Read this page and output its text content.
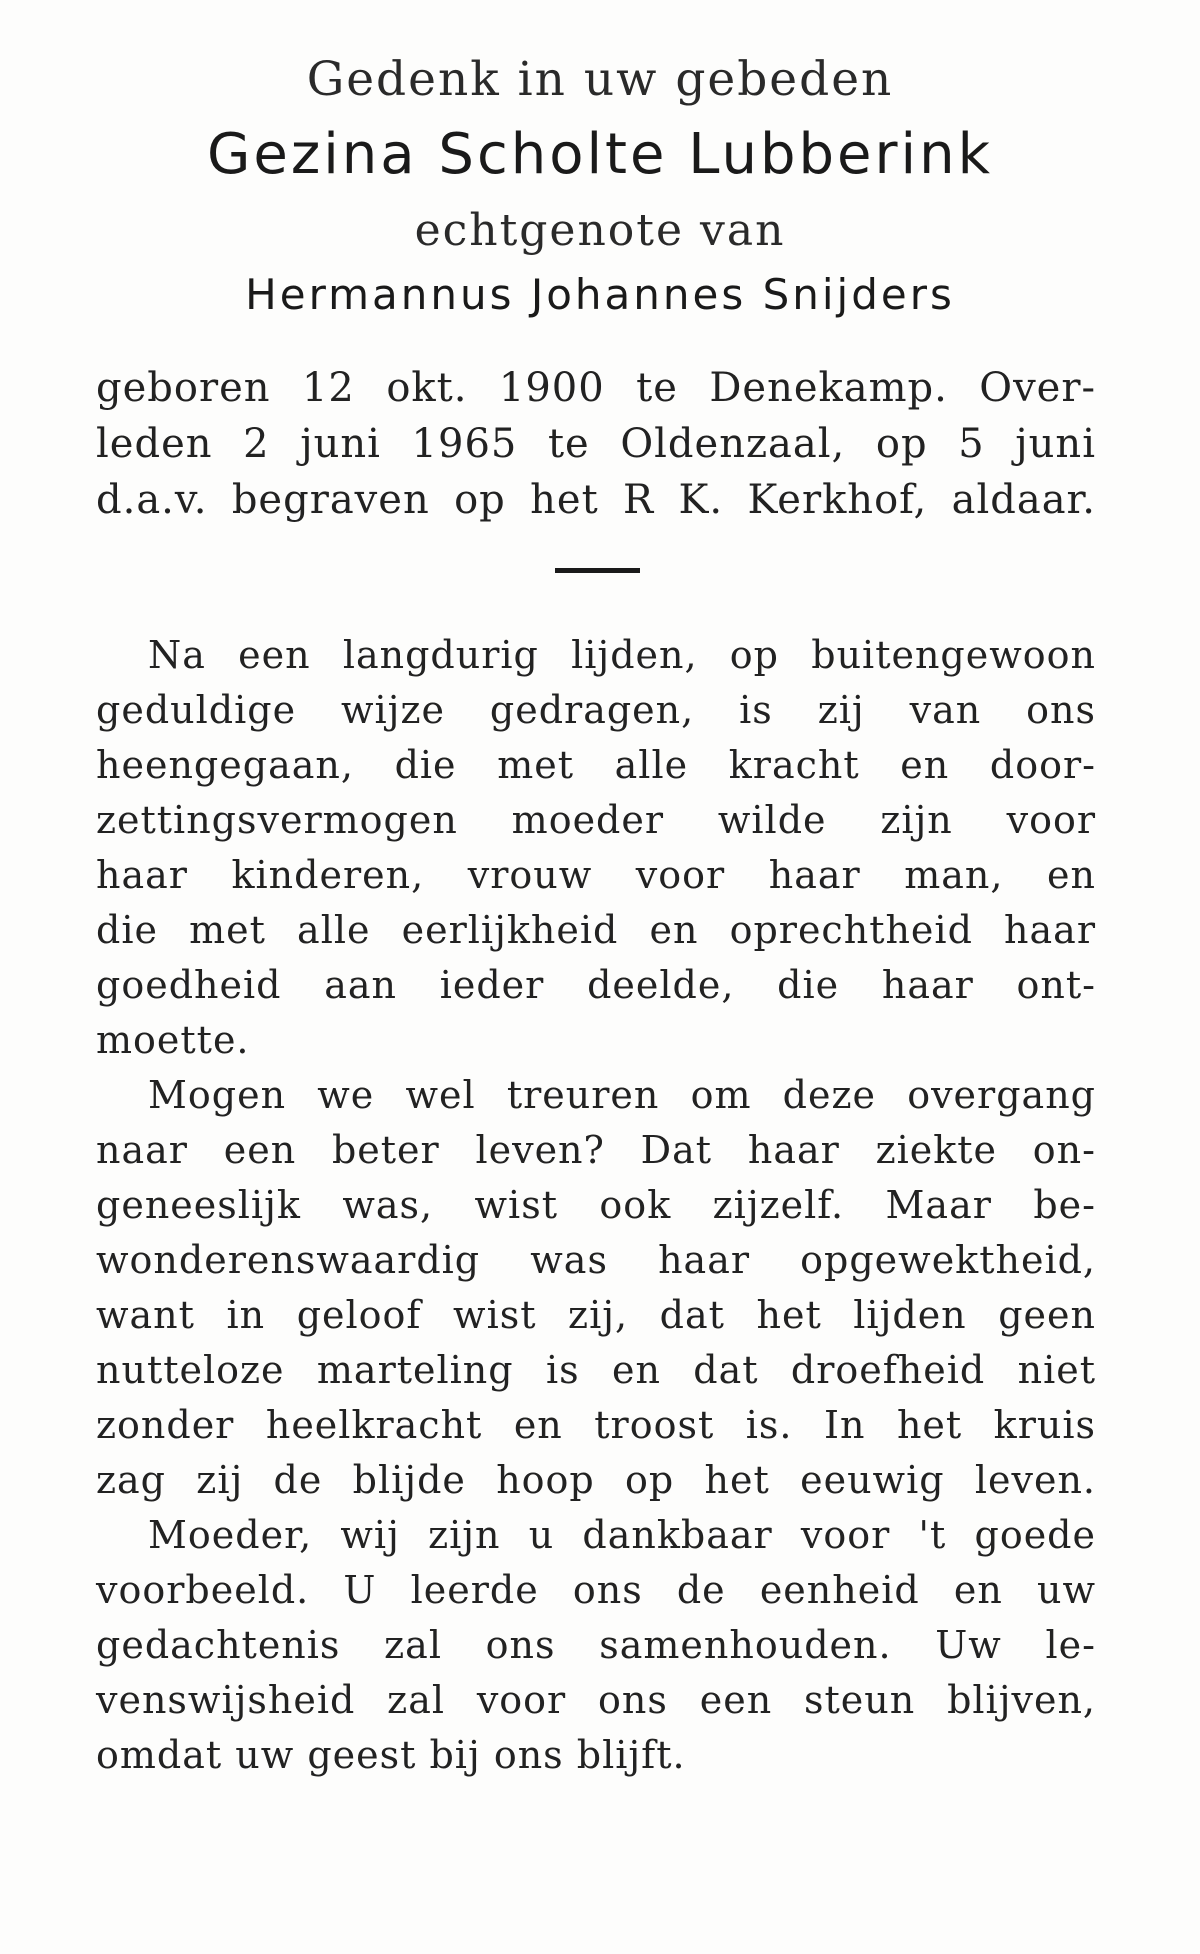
Gedenk in uw gebeden
Gezina Scholte Lubberink
echtgenote van
Hermannus Johannes Snijders
geboren 12 okt. 1900 te Denekamp. Over-
leden 2 juni 1965 te Oldenzaal, op 5 juni
d.a.v. begraven op het R K. Kerkhof, aldaar.
Na een langdurig lijden, op buitengewoon
geduldige wijze gedragen, is zij van ons
heengegaan, die met alle kracht en door-
zettingsvermogen moeder wilde zijn voor
haar kinderen, vrouw voor haar man, en
die met alle eerlijkheid en oprechtheid haar
goedheid aan ieder deelde, die haar ont-
moette.
Mogen we wel treuren om deze overgang
naar een beter leven? Dat haar ziekte on-
geneeslijk was, wist ook zijzelf. Maar be-
wonderenswaardig was haar opgewektheid,
want in geloof wist zij, dat het lijden geen
nutteloze marteling is en dat droefheid niet
zonder heelkracht en troost is. In het kruis
zag zij de blijde hoop op het eeuwig leven.
Moeder, wij zijn u dankbaar voor 't goede
voorbeeld. U leerde ons de eenheid en uw
gedachtenis zal ons samenhouden. Uw le-
venswijsheid zal voor ons een steun blijven,
omdat uw geest bij ons blijft.
